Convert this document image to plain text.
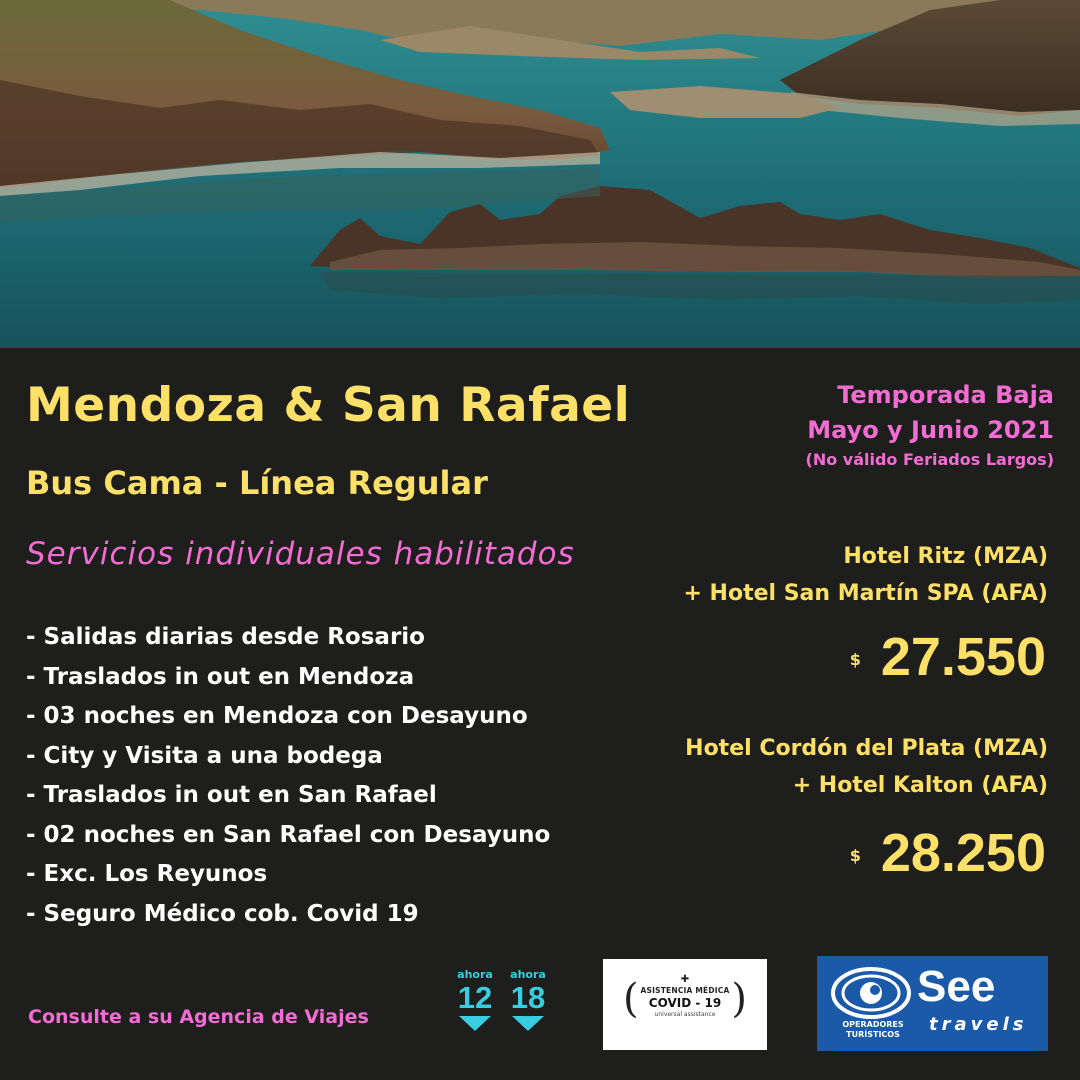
Mendoza & San Rafael
Bus Cama - Línea Regular
Temporada Baja
Mayo y Junio 2021
(No válido Feriados Largos)
Servicios individuales habilitados
- Salidas diarias desde Rosario
- Traslados in out en Mendoza
- 03 noches en Mendoza con Desayuno
- City y Visita a una bodega
- Traslados in out en San Rafael
- 02 noches en San Rafael con Desayuno
- Exc. Los Reyunos
- Seguro Médico cob. Covid 19
Hotel Ritz (MZA)
+ Hotel San Martín SPA (AFA)
$ 27.550
Hotel Cordón del Plata (MZA)
+ Hotel Kalton (AFA)
$ 28.250
Consulte a su Agencia de Viajes
ahora
12
ahora
18 ( )
✚
ASISTENCIA MÉDICA
COVID - 19
universal assistance
See
travels
OPERADORES
TURÍSTICOS
